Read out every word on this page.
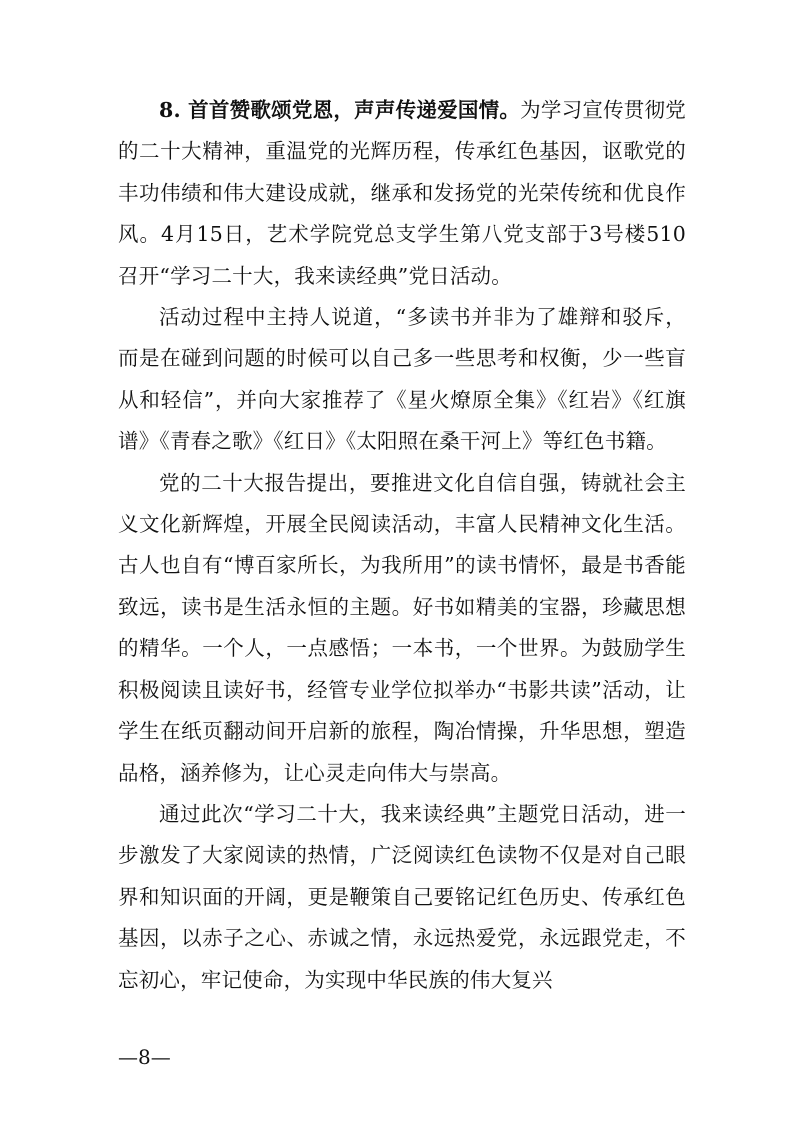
8. 首首赞歌颂党恩，声声传递爱国情。为学习宣传贯彻党的二十大精神，重温党的光辉历程，传承红色基因，讴歌党的丰功伟绩和伟大建设成就，继承和发扬党的光荣传统和优良作风。4月15日，艺术学院党总支学生第八党支部于3号楼510召开“学习二十大，我来读经典”党日活动。

活动过程中主持人说道，“多读书并非为了雄辩和驳斥，而是在碰到问题的时候可以自己多一些思考和权衡，少一些盲从和轻信”，并向大家推荐了《星火燎原全集》《红岩》《红旗谱》《青春之歌》《红日》《太阳照在桑干河上》等红色书籍。

党的二十大报告提出，要推进文化自信自强，铸就社会主义文化新辉煌，开展全民阅读活动，丰富人民精神文化生活。古人也自有“博百家所长，为我所用”的读书情怀，最是书香能致远，读书是生活永恒的主题。好书如精美的宝器，珍藏思想的精华。一个人，一点感悟；一本书，一个世界。为鼓励学生积极阅读且读好书，经管专业学位拟举办“书影共读”活动，让学生在纸页翻动间开启新的旅程，陶冶情操，升华思想，塑造品格，涵养修为，让心灵走向伟大与崇高。

通过此次“学习二十大，我来读经典”主题党日活动，进一步激发了大家阅读的热情，广泛阅读红色读物不仅是对自己眼界和知识面的开阔，更是鞭策自己要铭记红色历史、传承红色基因，以赤子之心、赤诚之情，永远热爱党，永远跟党走，不忘初心，牢记使命，为实现中华民族的伟大复兴

—8—
